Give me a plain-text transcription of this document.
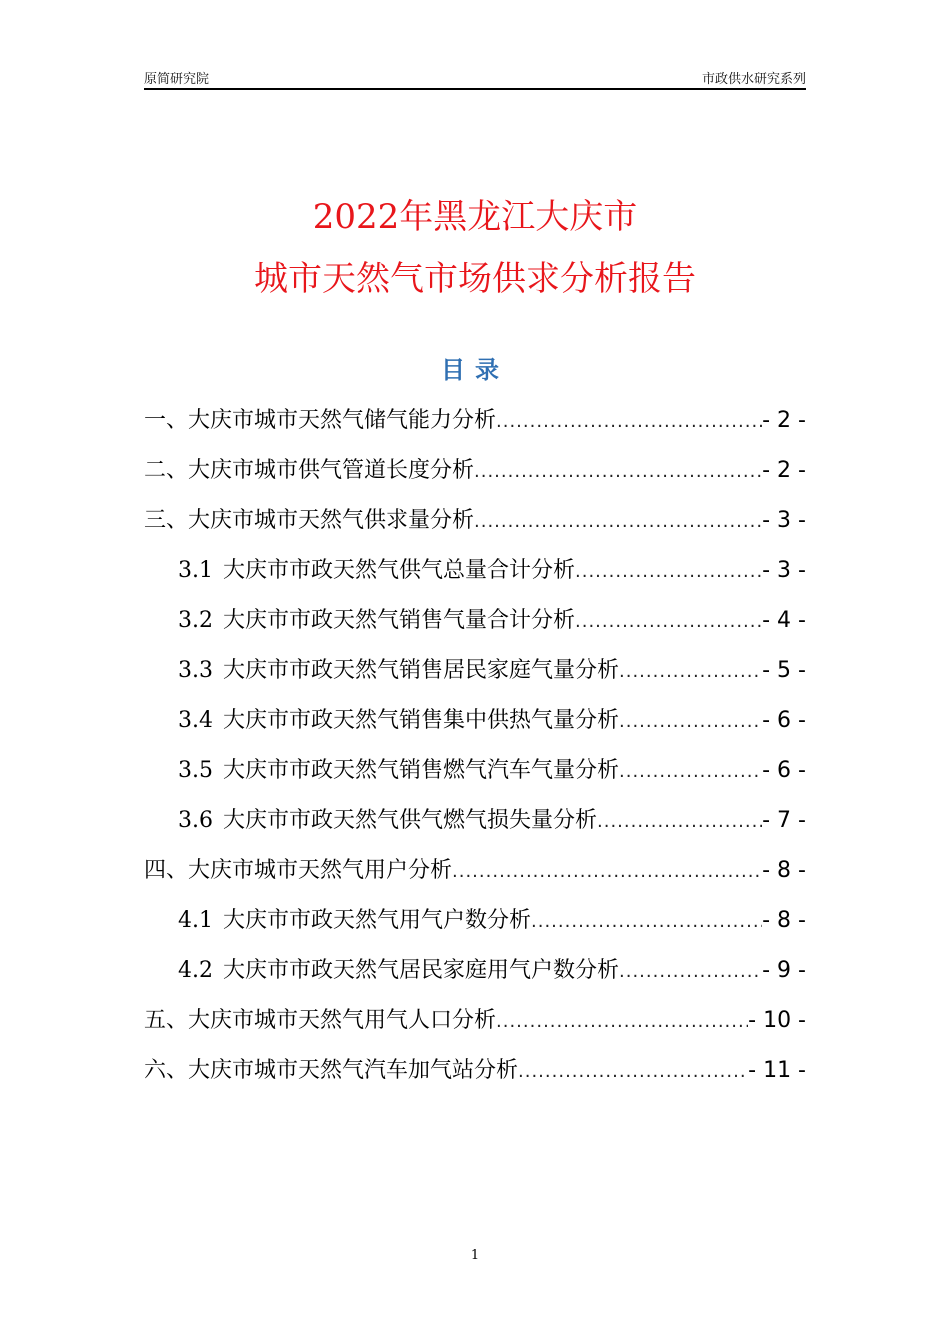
原简研究院	市政供水研究系列
2022年黑龙江大庆市
城市天然气市场供求分析报告
目录
一、大庆市城市天然气储气能力分析 .....	- 2 -
二、大庆市城市供气管道长度分析 .....	- 2 -
三、大庆市城市天然气供求量分析 .....	- 3 -
3.1 大庆市市政天然气供气总量合计分析 .....	- 3 -
3.2 大庆市市政天然气销售气量合计分析 .....	- 4 -
3.3 大庆市市政天然气销售居民家庭气量分析 .....	- 5 -
3.4 大庆市市政天然气销售集中供热气量分析 .....	- 6 -
3.5 大庆市市政天然气销售燃气汽车气量分析 .....	- 6 -
3.6 大庆市市政天然气供气燃气损失量分析 .....	- 7 -
四、大庆市城市天然气用户分析 .....	- 8 -
4.1 大庆市市政天然气用气户数分析 .....	- 8 -
4.2 大庆市市政天然气居民家庭用气户数分析 .....	- 9 -
五、大庆市城市天然气用气人口分析 .....	- 10 -
六、大庆市城市天然气汽车加气站分析 .....	- 11 -
1
